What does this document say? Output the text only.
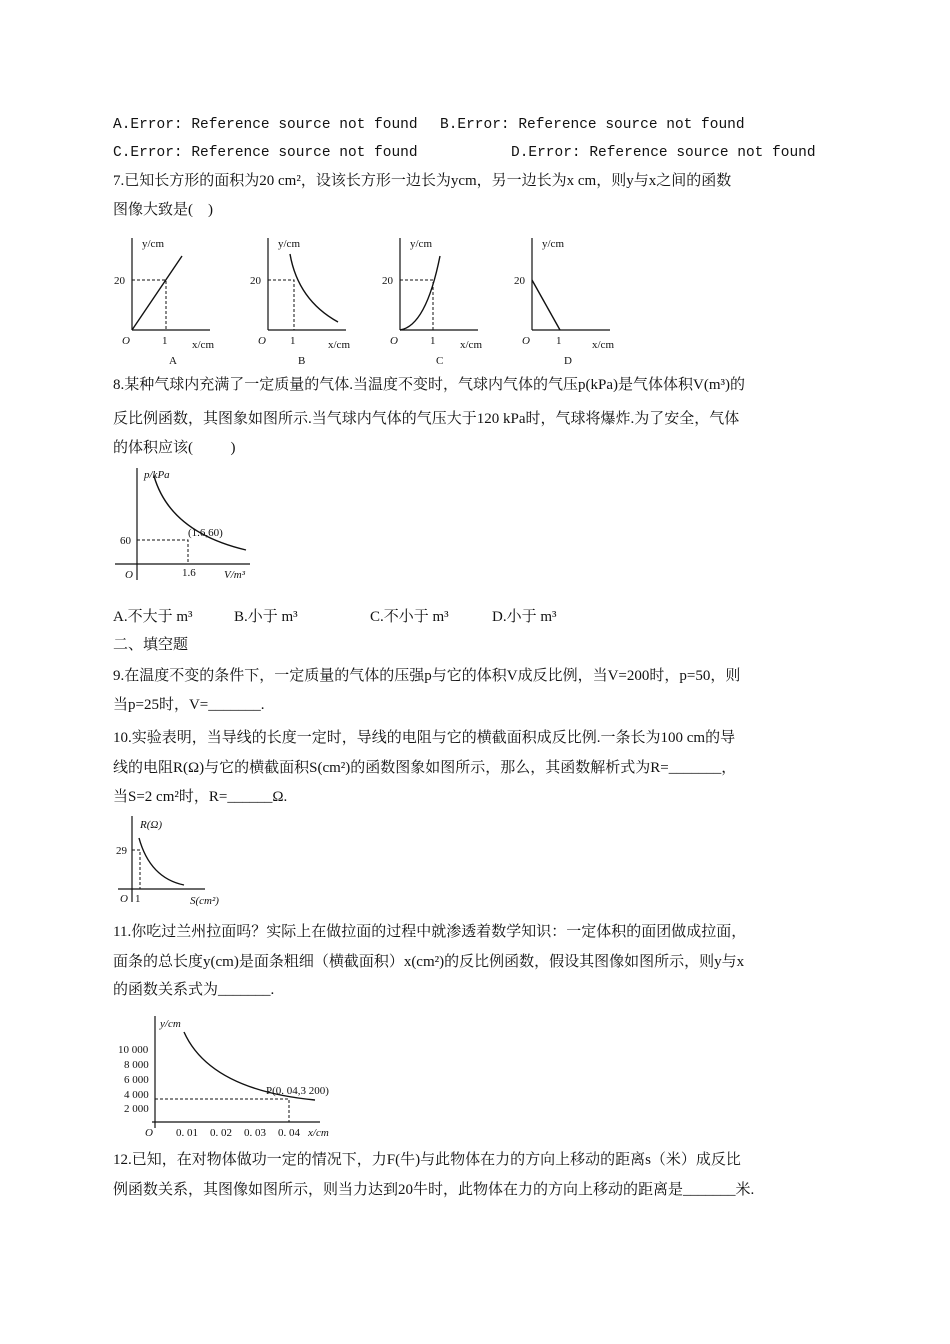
A.Error: Reference source not found B.Error: Reference source not found
C.Error: Reference source not found	D.Error: Reference source not found
7.已知长方形的面积为20 cm²，设该长方形一边长为ycm，另一边长为x cm，则y与x之间的函数
图像大致是(    )
y/cm
20
O	1 x/cm
A
y/cm
20
O 1	x/cm
B
y/cm
20
O	1 x/cm
C
y/cm
20
O 1	x/cm
D
8.某种气球内充满了一定质量的气体.当温度不变时，气球内气体的气压p(kPa)是气体体积V(m³)的
反比例函数，其图象如图所示.当气球内气体的气压大于120 kPa时，气球将爆炸.为了安全，气体
的体积应该(          )
p/kPa
60
(1.6,60)
O	1.6	V/m³
A.不大于 m³	B.小于 m³	C.不小于 m³	D.小于 m³
二、填空题
9.在温度不变的条件下，一定质量的气体的压强p与它的体积V成反比例，当V=200时，p=50，则
当p=25时，V=_______.
10.实验表明，当导线的长度一定时，导线的电阻与它的横截面积成反比例.一条长为100 cm的导
线的电阻R(Ω)与它的横截面积S(cm²)的函数图象如图所示，那么，其函数解析式为R=_______，
当S=2 cm²时，R=______Ω.
R(Ω)
29
O 1	S(cm²)
11.你吃过兰州拉面吗？实际上在做拉面的过程中就渗透着数学知识：一定体积的面团做成拉面，
面条的总长度y(cm)是面条粗细（横截面积）x(cm²)的反比例函数，假设其图像如图所示，则y与x
的函数关系式为_______.
y/cm
10 000
8 000
6 000
4 000
2 000
P(0. 04,3 200)
O 0. 01 0. 02 0. 03 0. 04 x/cm
12.已知，在对物体做功一定的情况下，力F(牛)与此物体在力的方向上移动的距离s（米）成反比
例函数关系，其图像如图所示，则当力达到20牛时，此物体在力的方向上移动的距离是_______米.
